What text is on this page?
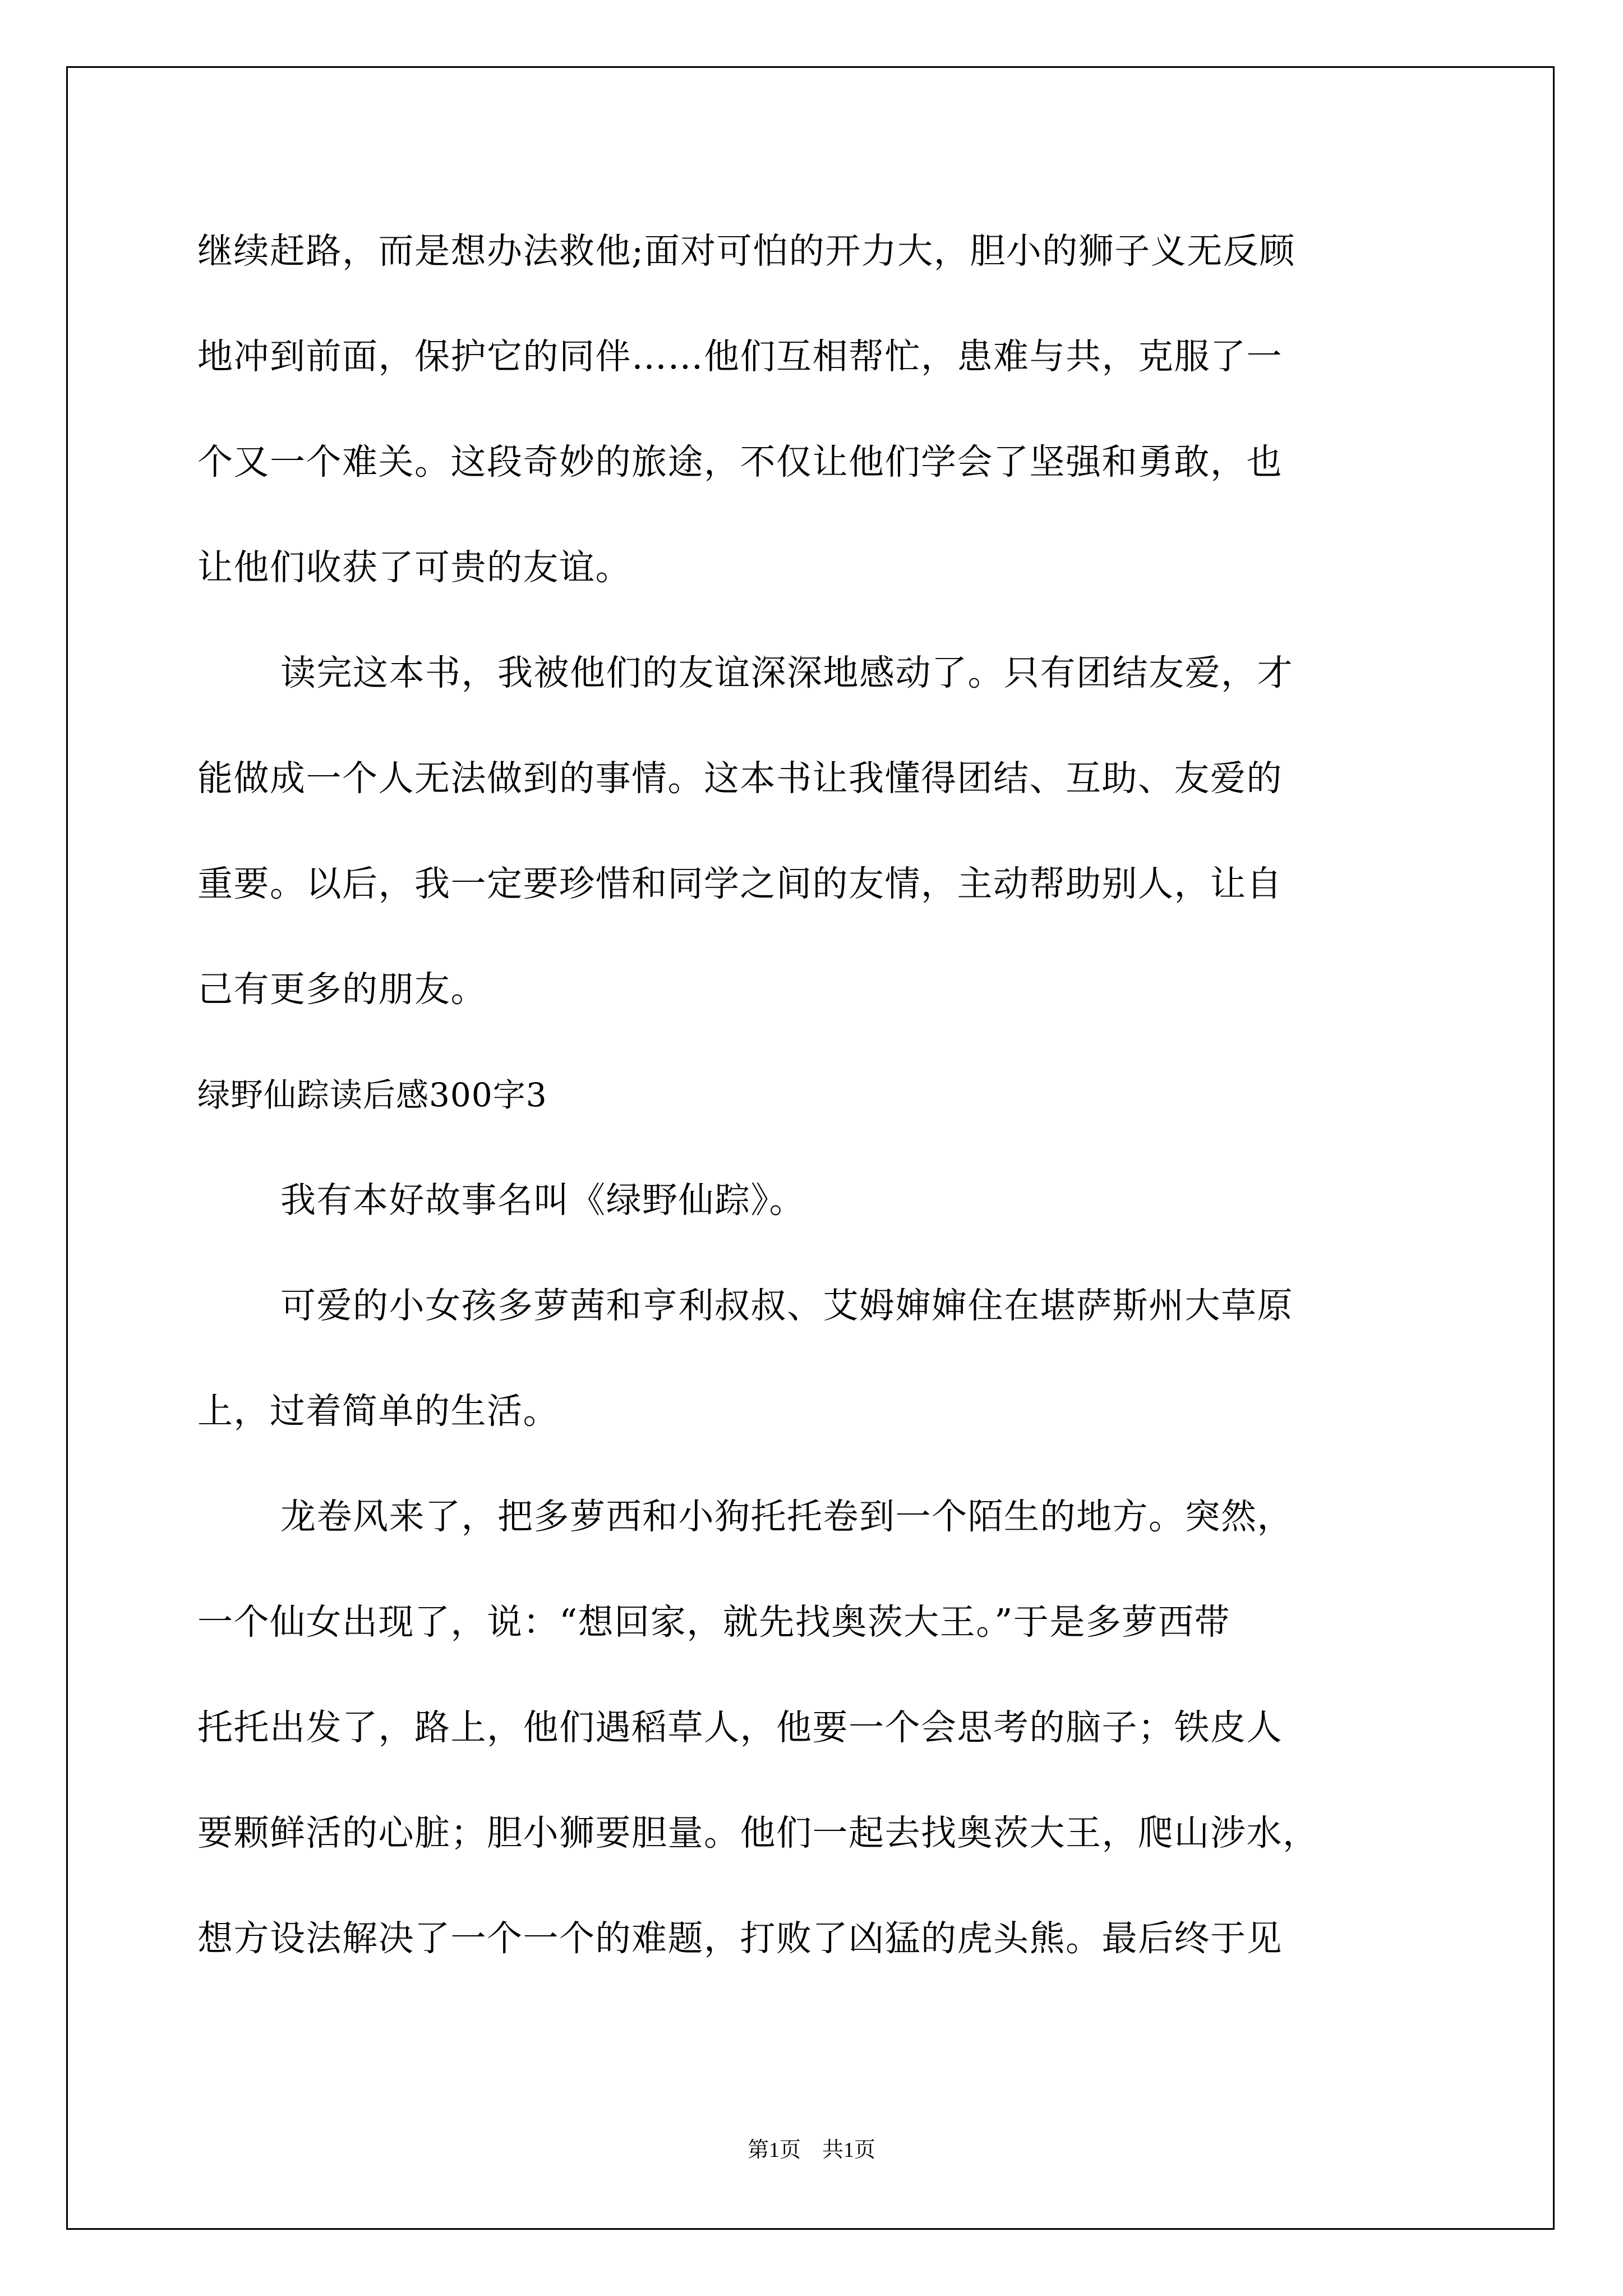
继续赶路，而是想办法救他;面对可怕的开力大，胆小的狮子义无反顾
地冲到前面，保护它的同伴……他们互相帮忙，患难与共，克服了一
个又一个难关。这段奇妙的旅途，不仅让他们学会了坚强和勇敢，也
让他们收获了可贵的友谊。
读完这本书，我被他们的友谊深深地感动了。只有团结友爱，才
能做成一个人无法做到的事情。这本书让我懂得团结、互助、友爱的
重要。以后，我一定要珍惜和同学之间的友情，主动帮助别人，让自
己有更多的朋友。
绿野仙踪读后感300字3
我有本好故事名叫《绿野仙踪》。
可爱的小女孩多萝茜和亨利叔叔、艾姆婶婶住在堪萨斯州大草原
上，过着简单的生活。
龙卷风来了，把多萝西和小狗托托卷到一个陌生的地方。突然，
一个仙女出现了，说：“想回家，就先找奥茨大王。”于是多萝西带
托托出发了，路上，他们遇稻草人，他要一个会思考的脑子；铁皮人
要颗鲜活的心脏；胆小狮要胆量。他们一起去找奥茨大王，爬山涉水，
想方设法解决了一个一个的难题，打败了凶猛的虎头熊。最后终于见
第1页　共1页
